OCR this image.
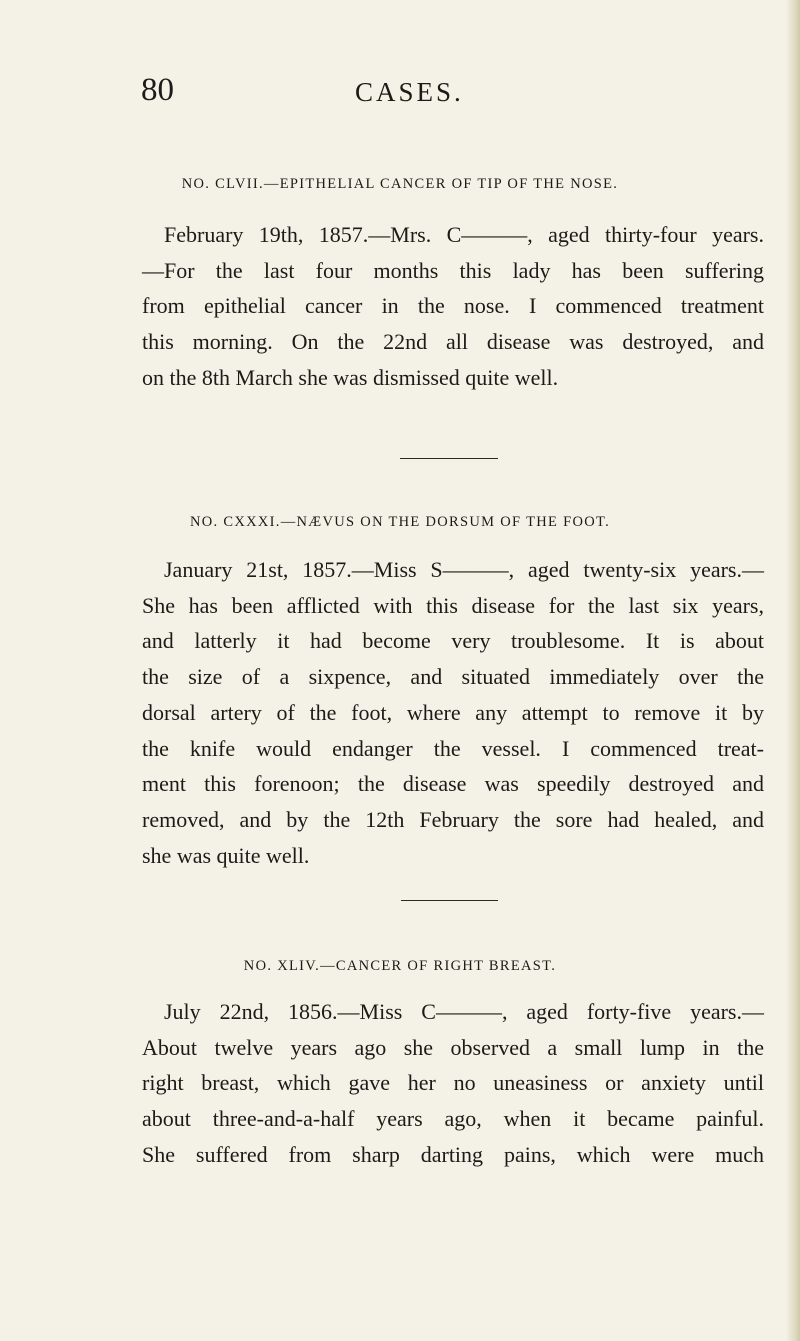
80	CASES.
NO. CLVII.—EPITHELIAL CANCER OF TIP OF THE NOSE.
February 19th, 1857.—Mrs. C———, aged thirty-four years.
—For the last four months this lady has been suffering
from epithelial cancer in the nose. I commenced treatment
this morning. On the 22nd all disease was destroyed, and
on the 8th March she was dismissed quite well.
NO. CXXXI.—NÆVUS ON THE DORSUM OF THE FOOT.
January 21st, 1857.—Miss S———, aged twenty-six years.—
She has been afflicted with this disease for the last six years,
and latterly it had become very troublesome. It is about
the size of a sixpence, and situated immediately over the
dorsal artery of the foot, where any attempt to remove it by
the knife would endanger the vessel. I commenced treat-
ment this forenoon; the disease was speedily destroyed and
removed, and by the 12th February the sore had healed, and
she was quite well.
NO. XLIV.—CANCER OF RIGHT BREAST.
July 22nd, 1856.—Miss C———, aged forty-five years.—
About twelve years ago she observed a small lump in the
right breast, which gave her no uneasiness or anxiety until
about three-and-a-half years ago, when it became painful.
She suffered from sharp darting pains, which were much
